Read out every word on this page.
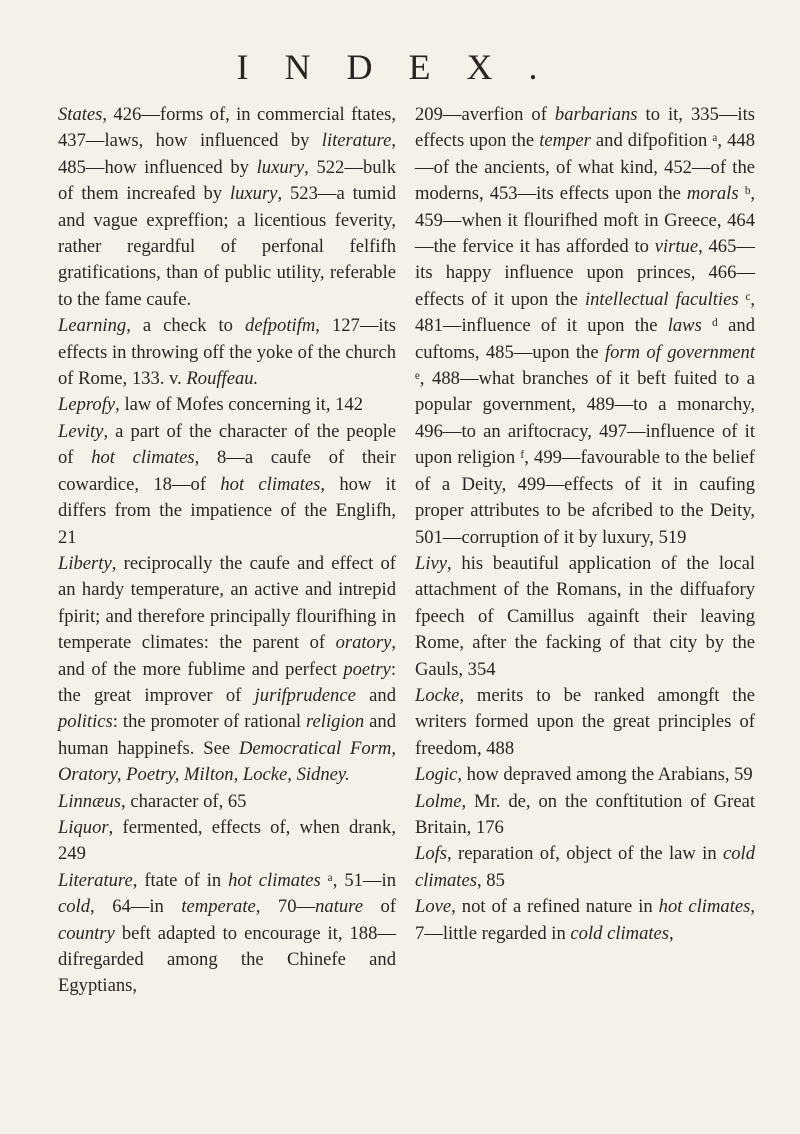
INDEX.

States, 426—forms of, in commercial ftates, 437—laws, how influenced by literature, 485—how influenced by luxury, 522—bulk of them increafed by luxury, 523—a tumid and vague expreffion; a licentious feverity, rather regardful of perfonal felfifh gratifications, than of public utility, referable to the fame caufe.

Learning, a check to defpotifm, 127—its effects in throwing off the yoke of the church of Rome, 133. v. Rouffeau.

Leprofy, law of Mofes concerning it, 142

Levity, a part of the character of the people of hot climates, 8—a caufe of their cowardice, 18—of hot climates, how it differs from the impatience of the Englifh, 21

Liberty, reciprocally the caufe and effect of an hardy temperature, an active and intrepid fpirit; and therefore principally flourifhing in temperate climates: the parent of oratory, and of the more fublime and perfect poetry: the great improver of jurifprudence and politics: the promoter of rational religion and human happinefs. See Democratical Form, Oratory, Poetry, Milton, Locke, Sidney.

Linnæus, character of, 65

Liquor, fermented, effects of, when drank, 249

Literature, ftate of in hot climates ᵃ, 51—in cold, 64—in temperate, 70—nature of country beft adapted to encourage it, 188—difregarded among the Chinefe and Egyptians,

209—averfion of barbarians to it, 335—its effects upon the temper and difpofition ᵃ, 448—of the ancients, of what kind, 452—of the moderns, 453—its effects upon the morals ᵇ, 459—when it flourifhed moft in Greece, 464—the fervice it has afforded to virtue, 465—its happy influence upon princes, 466—effects of it upon the intellectual faculties ᶜ, 481—influence of it upon the laws ᵈ and cuftoms, 485—upon the form of government ᵉ, 488—what branches of it beft fuited to a popular government, 489—to a monarchy, 496—to an ariftocracy, 497—influence of it upon religion ᶠ, 499—favourable to the belief of a Deity, 499—effects of it in caufing proper attributes to be afcribed to the Deity, 501—corruption of it by luxury, 519

Livy, his beautiful application of the local attachment of the Romans, in the diffuafory fpeech of Camillus againft their leaving Rome, after the facking of that city by the Gauls, 354

Locke, merits to be ranked amongft the writers formed upon the great principles of freedom, 488

Logic, how depraved among the Arabians, 59

Lolme, Mr. de, on the conftitution of Great Britain, 176

Lofs, reparation of, object of the law in cold climates, 85

Love, not of a refined nature in hot climates, 7—little regarded in cold climates,
